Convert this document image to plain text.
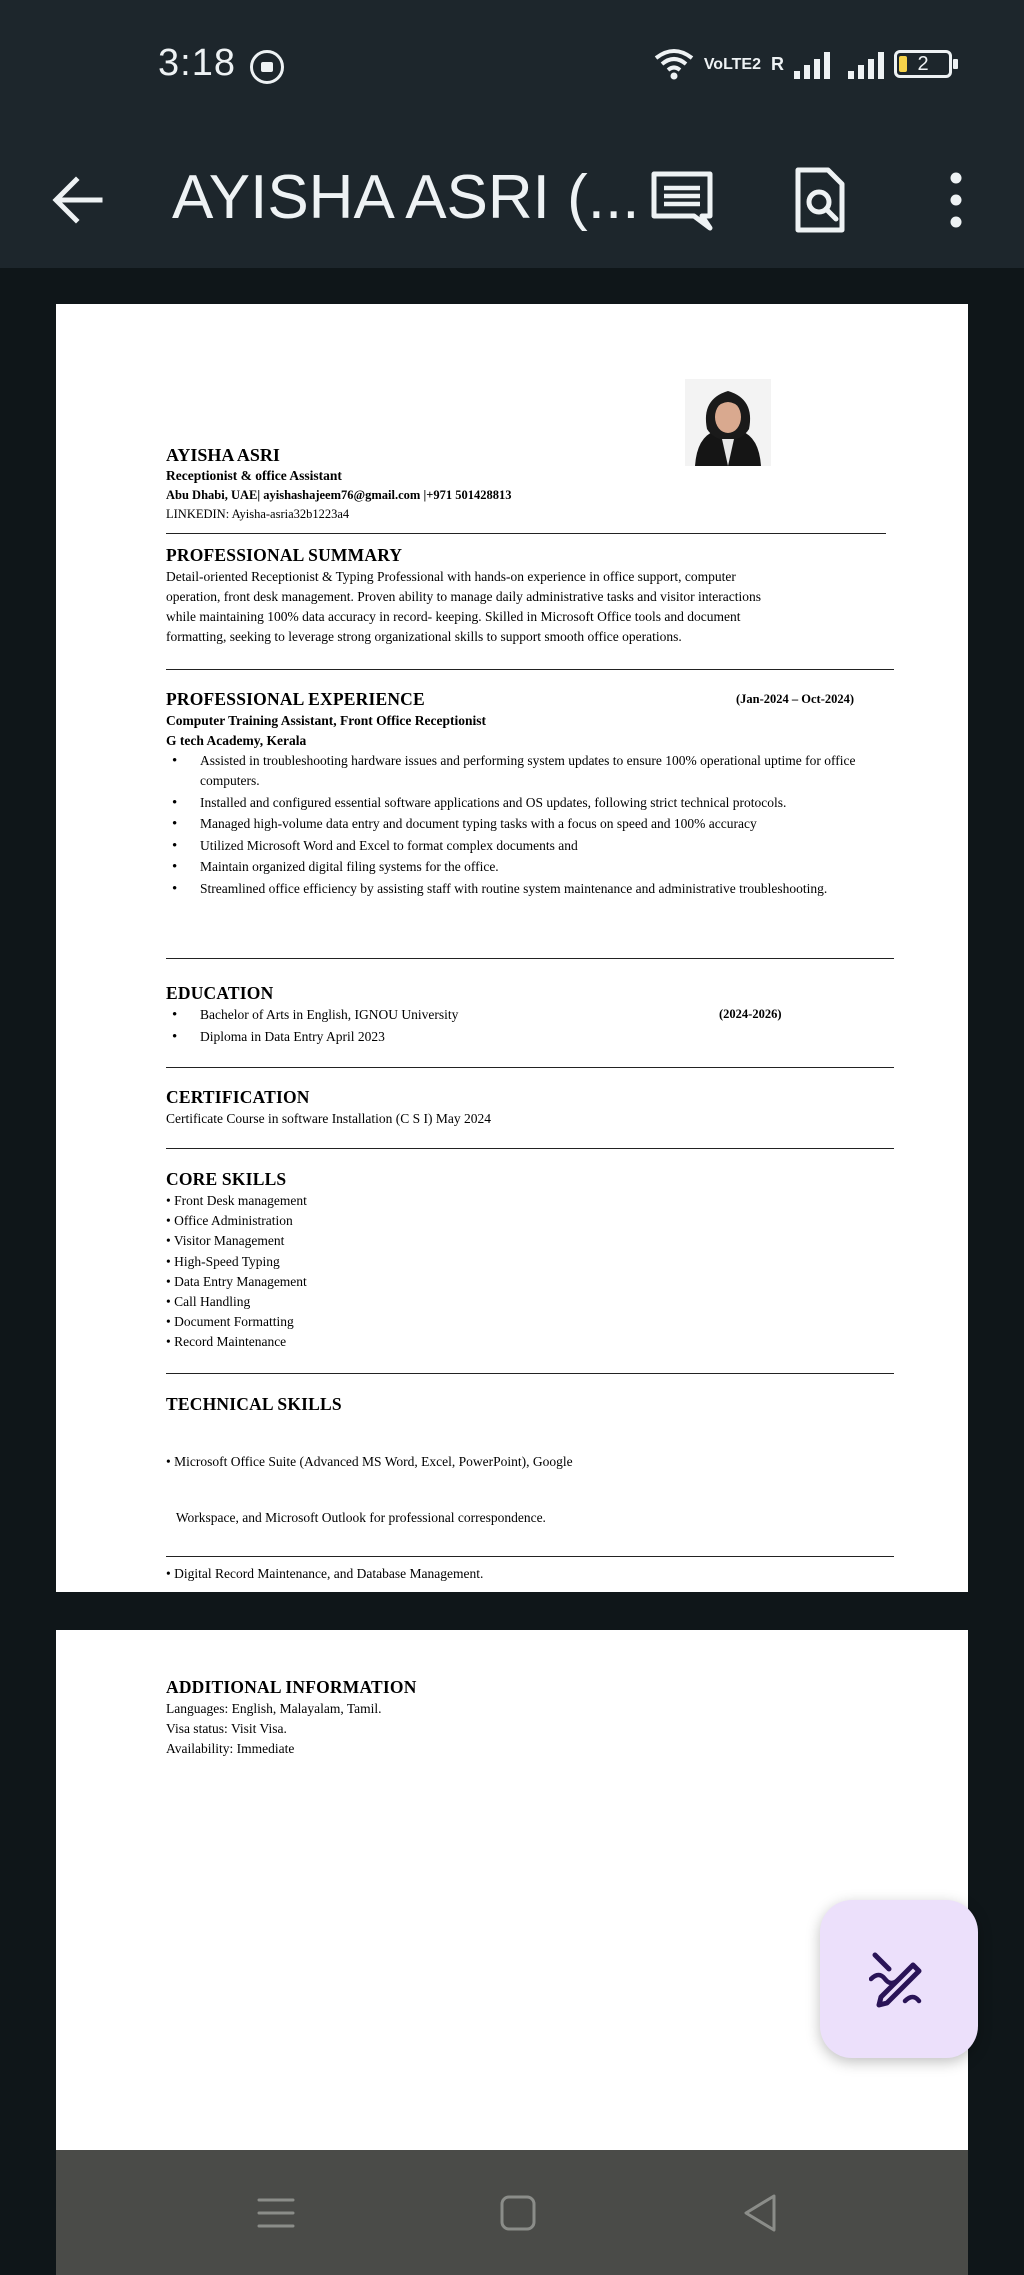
3:18	VoLTE2 R	2
AYISHA ASRI (...
AYISHA ASRI
Receptionist & office Assistant
Abu Dhabi, UAE| ayishashajeem76@gmail.com |+971 501428813
LINKEDIN: Ayisha-asria32b1223a4
PROFESSIONAL SUMMARY
Detail-oriented Receptionist & Typing Professional with hands-on experience in office support, computer
operation, front desk management. Proven ability to manage daily administrative tasks and visitor interactions
while maintaining 100% data accuracy in record- keeping. Skilled in Microsoft Office tools and document
formatting, seeking to leverage strong organizational skills to support smooth office operations.
PROFESSIONAL EXPERIENCE	(Jan-2024 – Oct-2024)
Computer Training Assistant, Front Office Receptionist
G tech Academy, Kerala
• Assisted in troubleshooting hardware issues and performing system updates to ensure 100% operational uptime for office computers.
• Installed and configured essential software applications and OS updates, following strict technical protocols.
• Managed high-volume data entry and document typing tasks with a focus on speed and 100% accuracy
• Utilized Microsoft Word and Excel to format complex documents and
• Maintain organized digital filing systems for the office.
• Streamlined office efficiency by assisting staff with routine system maintenance and administrative troubleshooting.
EDUCATION
(2024-2026)
• Bachelor of Arts in English, IGNOU University
• Diploma in Data Entry April 2023
CERTIFICATION
Certificate Course in software Installation (C S I) May 2024
CORE SKILLS
• Front Desk management
• Office Administration
• Visitor Management
• High-Speed Typing
• Data Entry Management
• Call Handling
• Document Formatting
• Record Maintenance
TECHNICAL SKILLS

• Microsoft Office Suite (Advanced MS Word, Excel, PowerPoint), Google

Workspace, and Microsoft Outlook for professional correspondence.

• Digital Record Maintenance, and Database Management.

ADDITIONAL INFORMATION
Languages: English, Malayalam, Tamil.
Visa status: Visit Visa.
Availability: Immediate
